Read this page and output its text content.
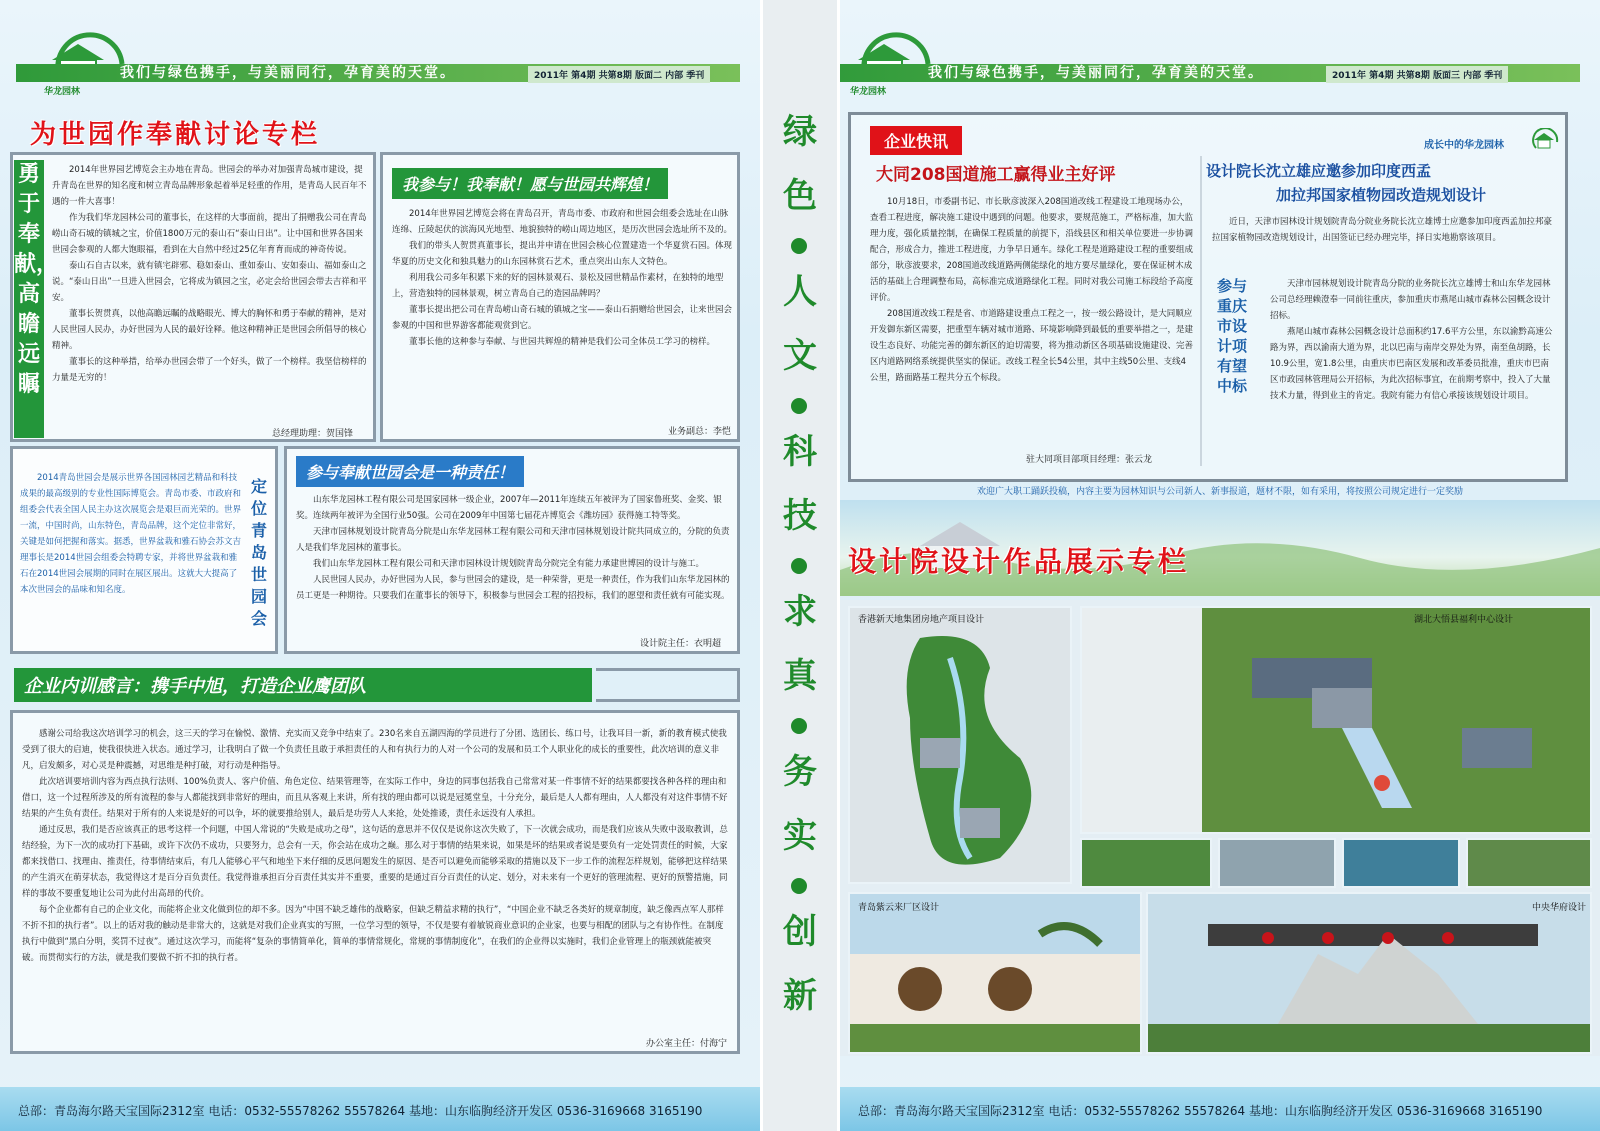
华龙园林
我们与绿色携手，与美丽同行，孕育美的天堂。	2011年 第4期 共第8期 版面二 内部 季刊
为世园作奉献讨论专栏
勇于奉献，高瞻远瞩

2014年世界园艺博览会主办地在青岛。世园会的举办对加强青岛城市建设，提升青岛在世界的知名度和树立青岛品牌形象起着举足轻重的作用，是青岛人民百年不遇的一件大喜事！

作为我们华龙园林公司的董事长，在这样的大事面前，提出了捐赠我公司在青岛崂山奇石城的镇城之宝，价值1800万元的泰山石“泰山日出”。让中国和世界各国来世园会参观的人都大饱眼福，看到在大自然中经过25亿年育育而成的神奇传说。

泰山石自古以来，就有镇宅辟邪、稳如泰山、重如泰山、安如泰山、福如泰山之说。“泰山日出”一旦进入世园会，它将成为镇园之宝，必定会给世园会带去吉祥和平安。

董事长贺贯真，以他高瞻远瞩的战略眼光、博大的胸怀和勇于奉献的精神，是对人民世园人民办，办好世园为人民的最好诠释。他这种精神正是世园会所倡导的核心精神。

董事长的这种举措，给举办世园会带了一个好头，做了一个榜样。我坚信榜样的力量是无穷的！

总经理助理：贺国锋
我参与！我奉献！愿与世园共辉煌！

2014年世界园艺博览会将在青岛召开，青岛市委、市政府和世园会组委会选址在山脉连绵、丘陵起伏的滨海风光地型、地貌独特的崂山周边地区，是历次世园会选址所不及的。

我们的带头人贺贯真董事长，提出并申请在世园会核心位置建造一个华夏赏石园。体现华夏的历史文化和独具魅力的山东园林赏石艺术，重点突出山东人文特色。

利用我公司多年积累下来的好的园林景观石、景松及园世精品作素材，在独特的地型上，营造独特的园林景观，树立青岛自己的造园品牌吗？

董事长提出把公司在青岛崂山奇石城的镇城之宝——泰山石捐赠给世园会，让来世园会参观的中国和世界游客都能观赏到它。

董事长他的这种参与奉献、与世园共辉煌的精神是我们公司全体员工学习的榜样。

业务副总：李恺
2014青岛世园会是展示世界各国园林园艺精品和科技成果的最高级别的专业性国际博览会。青岛市委、市政府和组委会代表全国人民主办这次展览会是艰巨而光荣的。世界一流，中国时尚，山东特色，青岛品牌，这个定位非常好，关键是如何把握和落实。据悉，世界盆栽和雅石协会苏文吉理事长是2014世园会组委会特聘专家，并将世界盆栽和雅石在2014世园会展期的同时在展区展出。这就大大提高了本次世园会的品味和知名度。
定位青岛世园会
参与奉献世园会是一种责任！

山东华龙园林工程有限公司是国家园林一级企业，2007年—2011年连续五年被评为了国家鲁班奖、金奖、银奖。连续两年被评为全国行业50强。公司在2009年中国第七届花卉博览会《潍坊园》获得施工特等奖。

天津市园林规划设计院青岛分院是山东华龙园林工程有限公司和天津市园林规划设计院共同成立的，分院的负责人是我们华龙园林的董事长。

我们山东华龙园林工程有限公司和天津市园林设计规划院青岛分院完全有能力承建世博园的设计与施工。

人民世园人民办，办好世园为人民，参与世园会的建设，是一种荣誉，更是一种责任，作为我们山东华龙园林的员工更是一种期待。只要我们在董事长的领导下，积极参与世园会工程的招投标，我们的愿望和责任就有可能实现。

设计院主任：衣明超
企业内训感言：携手中旭，打造企业鹰团队

感谢公司给我这次培训学习的机会，这三天的学习在愉悦、激情、充实而又竞争中结束了。230名来自五湖四海的学员进行了分团、选团长、练口号，让我耳目一新，新的教育模式使我受到了很大的启迪，使我很快进入状态。通过学习，让我明白了做一个负责任且敢于承担责任的人和有执行力的人对一个公司的发展和员工个人职业化的成长的重要性，此次培训的意义非凡，启发颇多，对心灵是种震撼，对思维是种打破，对行动是种指导。

此次培训要培训内容为西点执行法则、100%负责人、客户价值、角色定位、结果管理等，在实际工作中，身边的同事包括我自己常常对某一件事情不好的结果都要找各种各样的理由和借口，这一个过程所涉及的所有流程的参与人都能找到非常好的理由，而且从客观上来讲，所有找的理由都可以说是冠冕堂皇，十分充分，最后是人人都有理由，人人都没有对这件事情不好结果的产生负有责任。结果对于所有的人来说是好的可以争，坏的就要推给别人，最后是功劳人人来抢，处处推诿，责任永远没有人承担。

通过反思，我们是否应该真正的思考这样一个问题，中国人常说的“失败是成功之母”，这句话的意思并不仅仅是说你这次失败了，下一次就会成功，而是我们应该从失败中汲取教训，总结经验，为下一次的成功打下基础，或许下次仍不成功，只要努力，总会有一天，你会站在成功之巅。那么对于事情的结果来说，如果是坏的结果或者说是要负有一定处罚责任的时候，大家都来找借口、找理由、推责任，待事情结束后，有几人能够心平气和地坐下来仔细的反思问题发生的原因、是否可以避免而能够采取的措施以及下一步工作的流程怎样规划，能够把这样结果的产生消灭在萌芽状态，我觉得这才是百分百负责任。我觉得谁承担百分百责任其实并不重要，重要的是通过百分百责任的认定、划分，对未来有一个更好的管理流程、更好的预警措施，同样的事故不要重复地让公司为此付出高昂的代价。

每个企业都有自己的企业文化，而能将企业文化做到位的却不多。因为“中国不缺乏雄伟的战略家，但缺乏精益求精的执行”，“中国企业不缺乏各类好的规章制度，缺乏像西点军人那样不折不扣的执行者”。以上的话对我的触动是非常大的，这就是对我们企业真实的写照，一位学习型的领导，不仅是要有着敏锐商业意识的企业家，也要与相配的团队与之有协作性。在制度执行中做到“黑白分明，奖罚不过夜”。通过这次学习，而能将“复杂的事情简单化，简单的事情常规化，常规的事情制度化”，在我们的企业得以实施时，我们企业管理上的瓶颈就能被突破。而贯彻实行的方法，就是我们要做不折不扣的执行者。

办公室主任：付海宁
总部：青岛海尔路天宝国际2312室 电话：0532-55578262 55578264 基地：山东临朐经济开发区 0536-3169668 3165190
绿
色
人
文
科
技
求
真
务
实
创
新
华龙园林
我们与绿色携手，与美丽同行，孕育美的天堂。	2011年 第4期 共第8期 版面三 内部 季刊
企业快讯	成长中的华龙园林
大同208国道施工赢得业主好评

10月18日，市委副书记、市长耿彦波深入208国道改线工程建设工地现场办公，查看工程进度，解决施工建设中遇到的问题。他要求，要规范施工，严格标准，加大监理力度，强化质量控制，在确保工程质量的前提下，沿线县区和相关单位要进一步协调配合，形成合力，推进工程进度，力争早日通车。绿化工程是道路建设工程的重要组成部分，耿彦波要求，208国道改线道路两侧能绿化的地方要尽量绿化，要在保证树木成活的基础上合理调整布局，高标准完成道路绿化工程。同时对我公司施工标段给予高度评价。

208国道改线工程是省、市道路建设重点工程之一，按一级公路设计，是大同顺应开发御东新区需要，把重型车辆对城市道路、环境影响降到最低的重要举措之一，是建设生态良好、功能完善的御东新区的迫切需要，将为推动新区各项基础设施建设、完善区内道路网络系统提供坚实的保证。改线工程全长54公里，其中主线50公里、支线4公里，路面路基工程共分五个标段。

驻大同项目部项目经理：张云龙
设计院长沈立雄应邀参加印度西孟
加拉邦国家植物园改造规划设计
近日，天津市园林设计规划院青岛分院业务院长沈立雄博士应邀参加印度西孟加拉邦豪拉国家植物园改造规划设计，出国签证已经办理完毕，择日实地勘察该项目。
参与重庆市设计项有望中标

天津市园林规划设计院青岛分院的业务院长沈立雄博士和山东华龙园林公司总经理赖澄奉一同前往重庆，参加重庆市燕尾山城市森林公园概念设计招标。

燕尾山城市森林公园概念设计总面积约17.6平方公里，东以渝黔高速公路为界，西以渝南大道为界，北以巴南与南岸交界处为界，南至鱼胡路，长10.9公里，宽1.8公里，由重庆市巴南区发展和改革委员批准，重庆市巴南区市政园林管理局公开招标，为此次招标事宜，在前期考察中，投入了大量技术力量，得到业主的肯定。我院有能力有信心承接该规划设计项目。

欢迎广大职工踊跃投稿，内容主要为园林知识与公司新人、新事报道，题材不限，如有采用，将按照公司规定进行一定奖励
设计院设计作品展示专栏
香港新天地集团房地产项目设计	湖北大悟县福利中心设计
青岛紫云来厂区设计	中央华府设计
总部：青岛海尔路天宝国际2312室 电话：0532-55578262 55578264 基地：山东临朐经济开发区 0536-3169668 3165190
